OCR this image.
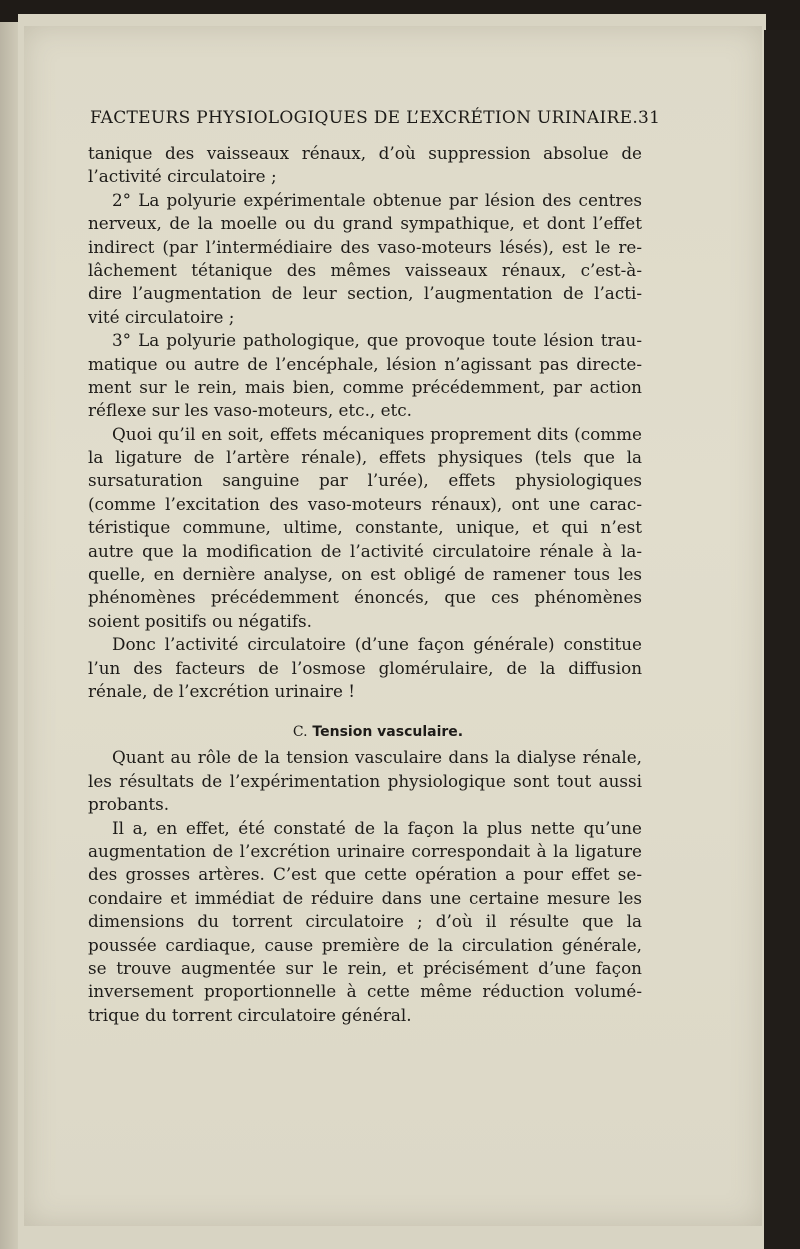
FACTEURS PHYSIOLOGIQUES DE L’EXCRÉTION URINAIRE. 31
tanique des vaisseaux rénaux, d’où suppression absolue de
l’activité circulatoire ;
2° La polyurie expérimentale obtenue par lésion des centres
nerveux, de la moelle ou du grand sympathique, et dont l’effet
indirect (par l’intermédiaire des vaso-moteurs lésés), est le re-
lâchement tétanique des mêmes vaisseaux rénaux, c’est-à-
dire l’augmentation de leur section, l’augmentation de l’acti-
vité circulatoire ;
3° La polyurie pathologique, que provoque toute lésion trau-
matique ou autre de l’encéphale, lésion n’agissant pas directe-
ment sur le rein, mais bien, comme précédemment, par action
réflexe sur les vaso-moteurs, etc., etc.
Quoi qu’il en soit, effets mécaniques proprement dits (comme
la ligature de l’artère rénale), effets physiques (tels que la
sursaturation sanguine par l’urée), effets physiologiques
(comme l’excitation des vaso-moteurs rénaux), ont une carac-
téristique commune, ultime, constante, unique, et qui n’est
autre que la modification de l’activité circulatoire rénale à la-
quelle, en dernière analyse, on est obligé de ramener tous les
phénomènes précédemment énoncés, que ces phénomènes
soient positifs ou négatifs.
Donc l’activité circulatoire (d’une façon générale) constitue
l’un des facteurs de l’osmose glomérulaire, de la diffusion
rénale, de l’excrétion urinaire !
C. Tension vasculaire.
Quant au rôle de la tension vasculaire dans la dialyse rénale,
les résultats de l’expérimentation physiologique sont tout aussi
probants.
Il a, en effet, été constaté de la façon la plus nette qu’une
augmentation de l’excrétion urinaire correspondait à la ligature
des grosses artères. C’est que cette opération a pour effet se-
condaire et immédiat de réduire dans une certaine mesure les
dimensions du torrent circulatoire ; d’où il résulte que la
poussée cardiaque, cause première de la circulation générale,
se trouve augmentée sur le rein, et précisément d’une façon
inversement proportionnelle à cette même réduction volumé-
trique du torrent circulatoire général.
